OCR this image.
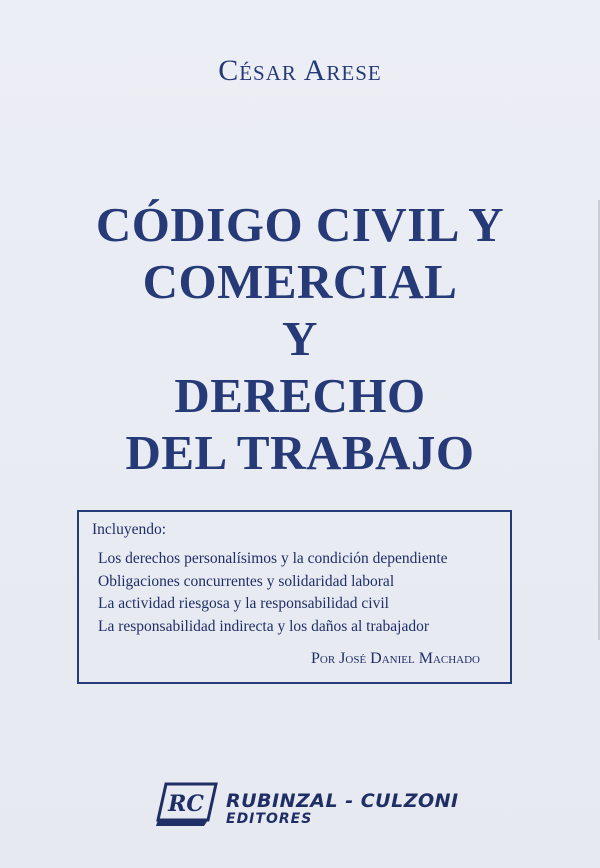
César Arese
CÓDIGO CIVIL Y
COMERCIAL
Y
DERECHO
DEL TRABAJO
Incluyendo:
Los derechos personalísimos y la condición dependiente
Obligaciones concurrentes y solidaridad laboral
La actividad riesgosa y la responsabilidad civil
La responsabilidad indirecta y los daños al trabajador
Por José Daniel Machado
RC RUBINZAL - CULZONI
EDITORES
